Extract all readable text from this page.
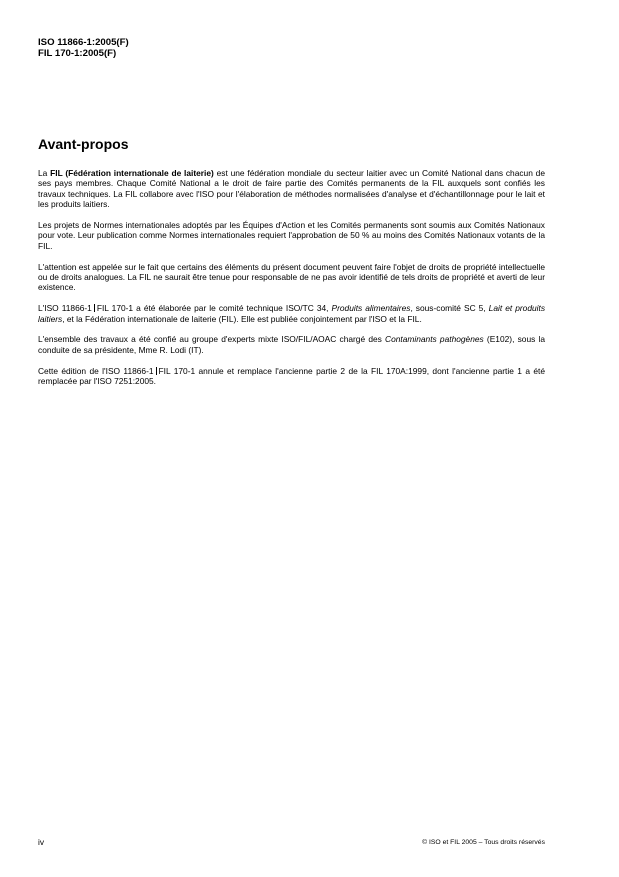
ISO 11866-1:2005(F)
FIL 170-1:2005(F)
Avant-propos

La FIL (Fédération internationale de laiterie) est une fédération mondiale du secteur laitier avec un Comité National dans chacun de ses pays membres. Chaque Comité National a le droit de faire partie des Comités permanents de la FIL auxquels sont confiés les travaux techniques. La FIL collabore avec l'ISO pour l'élaboration de méthodes normalisées d'analyse et d'échantillonnage pour le lait et les produits laitiers.

Les projets de Normes internationales adoptés par les Équipes d'Action et les Comités permanents sont soumis aux Comités Nationaux pour vote. Leur publication comme Normes internationales requiert l'approbation de 50 % au moins des Comités Nationaux votants de la FIL.

L'attention est appelée sur le fait que certains des éléments du présent document peuvent faire l'objet de droits de propriété intellectuelle ou de droits analogues. La FIL ne saurait être tenue pour responsable de ne pas avoir identifié de tels droits de propriété et averti de leur existence.

L'ISO 11866-1 FIL 170-1 a été élaborée par le comité technique ISO/TC 34, Produits alimentaires, sous-comité SC 5, Lait et produits laitiers, et la Fédération internationale de laiterie (FIL). Elle est publiée conjointement par l'ISO et la FIL.

L'ensemble des travaux a été confié au groupe d'experts mixte ISO/FIL/AOAC chargé des Contaminants pathogènes (E102), sous la conduite de sa présidente, Mme R. Lodi (IT).

Cette édition de l'ISO 11866-1 FIL 170-1 annule et remplace l'ancienne partie 2 de la FIL 170A:1999, dont l'ancienne partie 1 a été remplacée par l'ISO 7251:2005.

iv	© ISO et FIL 2005 – Tous droits réservés
